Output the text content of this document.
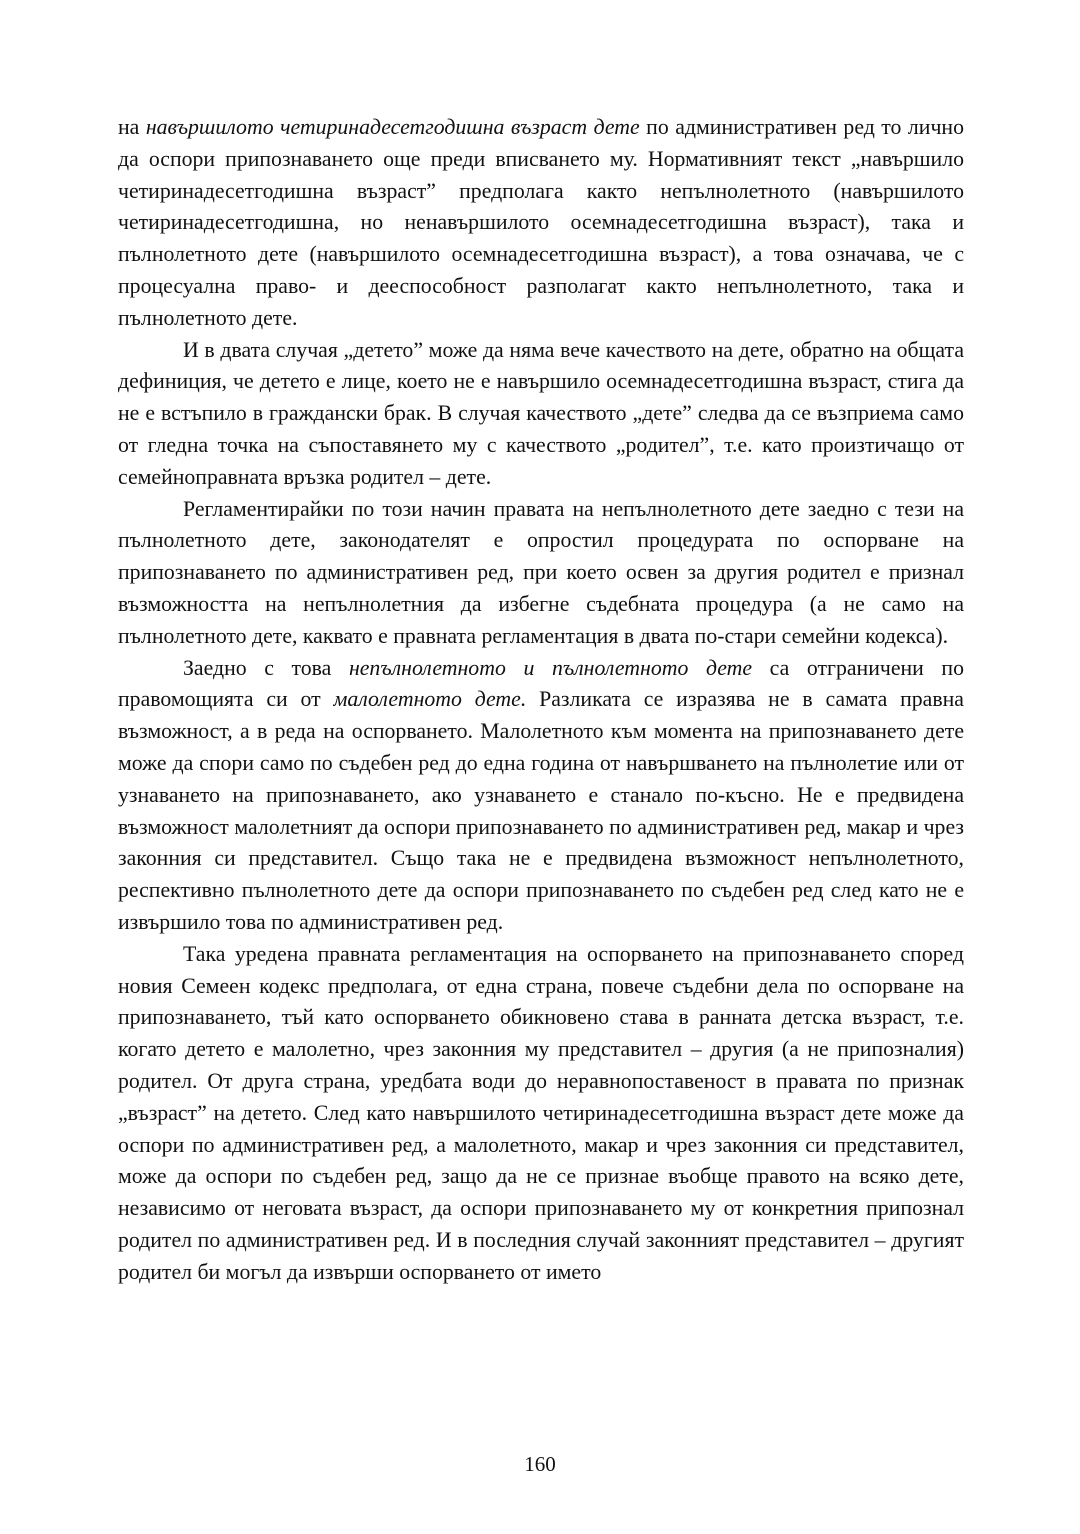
на навършилото четиринадесетгодишна възраст дете по административен ред то лично да оспори припознаването още преди вписването му. Нормативният текст „навършило четиринадесетгодишна възраст” предполага както непълнолетното (навършилото четиринадесетгодишна, но ненавършилото осемнадесетгодишна възраст), така и пълнолетното дете (навършилото осемнадесетгодишна възраст), а това означава, че с процесуална право- и дееспособност разполагат както непълнолетното, така и пълнолетното дете.

И в двата случая „детето” може да няма вече качеството на дете, обратно на общата дефиниция, че детето е лице, което не е навършило осемнадесетгодишна възраст, стига да не е встъпило в граждански брак. В случая качеството „дете” следва да се възприема само от гледна точка на съпоставянето му с качеството „родител”, т.е. като произтичащо от семейноправната връзка родител – дете.

Регламентирайки по този начин правата на непълнолетното дете заедно с тези на пълнолетното дете, законодателят е опростил процедурата по оспорване на припознаването по административен ред, при което освен за другия родител е признал възможността на непълнолетния да избегне съдебната процедура (а не само на пълнолетното дете, каквато е правната регламентация в двата по-стари семейни кодекса).

Заедно с това непълнолетното и пълнолетното дете са отграничени по правомощията си от малолетното дете. Разликата се изразява не в самата правна възможност, а в реда на оспорването. Малолетното към момента на припознаването дете може да спори само по съдебен ред до една година от навършването на пълнолетие или от узнаването на припознаването, ако узнаването е станало по-късно. Не е предвидена възможност малолетният да оспори припознаването по административен ред, макар и чрез законния си представител. Също така не е предвидена възможност непълнолетното, респективно пълнолетното дете да оспори припознаването по съдебен ред след като не е извършило това по административен ред.

Така уредена правната регламентация на оспорването на припознаването според новия Семеен кодекс предполага, от една страна, повече съдебни дела по оспорване на припознаването, тъй като оспорването обикновено става в ранната детска възраст, т.е. когато детето е малолетно, чрез законния му представител – другия (а не припозналия) родител. От друга страна, уредбата води до неравнопоставеност в правата по признак „възраст” на детето. След като навършилото четиринадесетгодишна възраст дете може да оспори по административен ред, а малолетното, макар и чрез законния си представител, може да оспори по съдебен ред, защо да не се признае въобще правото на всяко дете, независимо от неговата възраст, да оспори припознаването му от конкретния припознал родител по административен ред. И в последния случай законният представител – другият родител би могъл да извърши оспорването от името

160
